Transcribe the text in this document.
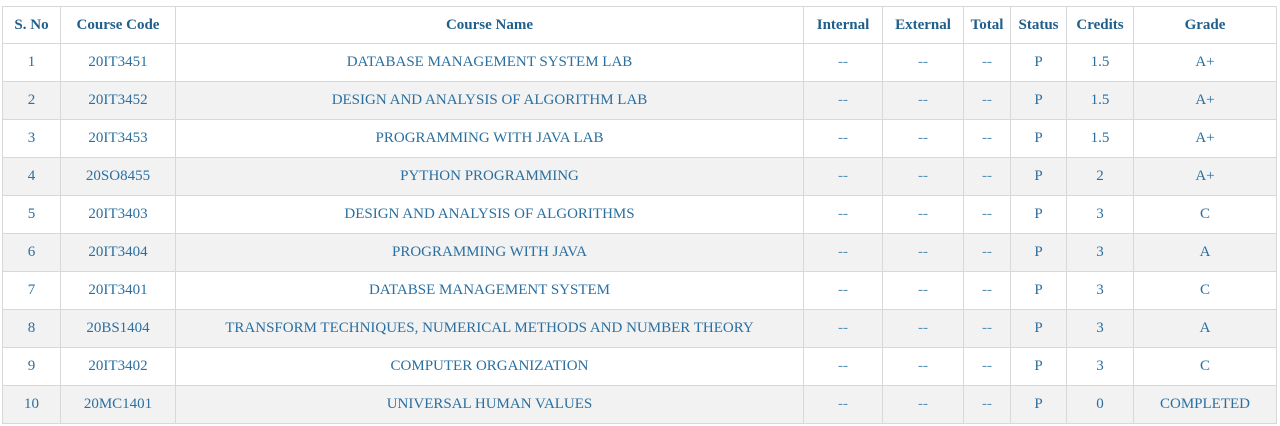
S. No	Course Code	Course Name	Internal	External	Total	Status	Credits	Grade
1	20IT3451	DATABASE MANAGEMENT SYSTEM LAB	--	--	--	P	1.5	A+
2	20IT3452	DESIGN AND ANALYSIS OF ALGORITHM LAB	--	--	--	P	1.5	A+
3	20IT3453	PROGRAMMING WITH JAVA LAB	--	--	--	P	1.5	A+
4	20SO8455	PYTHON PROGRAMMING	--	--	--	P	2	A+
5	20IT3403	DESIGN AND ANALYSIS OF ALGORITHMS	--	--	--	P	3	C
6	20IT3404	PROGRAMMING WITH JAVA	--	--	--	P	3	A
7	20IT3401	DATABSE MANAGEMENT SYSTEM	--	--	--	P	3	C
8	20BS1404	TRANSFORM TECHNIQUES, NUMERICAL METHODS AND NUMBER THEORY	--	--	--	P	3	A
9	20IT3402	COMPUTER ORGANIZATION	--	--	--	P	3	C
10	20MC1401	UNIVERSAL HUMAN VALUES	--	--	--	P	0	COMPLETED
